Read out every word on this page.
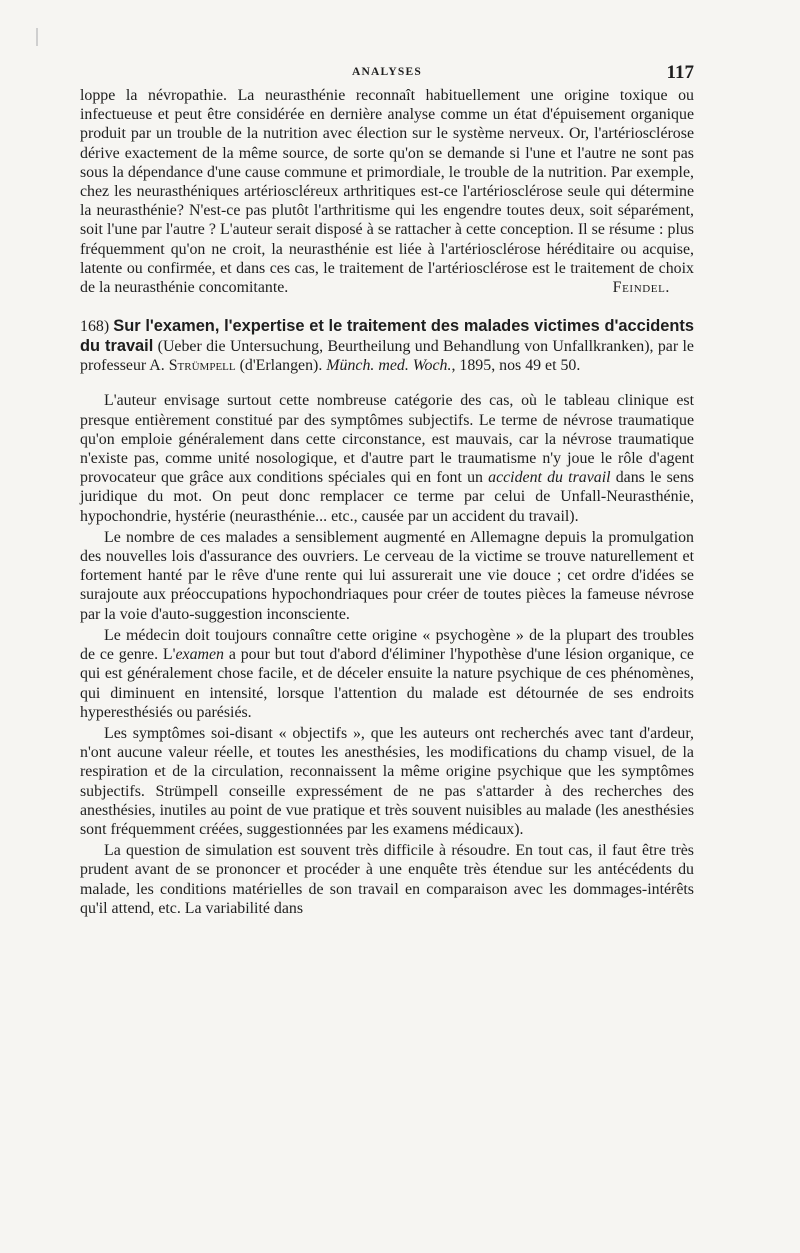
ANALYSES	117

loppe la névropathie. La neurasthénie reconnaît habituellement une origine toxique ou infectueuse et peut être considérée en dernière analyse comme un état d'épuisement organique produit par un trouble de la nutrition avec élection sur le système nerveux. Or, l'artériosclérose dérive exactement de la même source, de sorte qu'on se demande si l'une et l'autre ne sont pas sous la dépendance d'une cause commune et primordiale, le trouble de la nutrition. Par exemple, chez les neurasthéniques artérioscléreux arthritiques est-ce l'artériosclérose seule qui détermine la neurasthénie? N'est-ce pas plutôt l'arthritisme qui les engendre toutes deux, soit séparément, soit l'une par l'autre ? L'auteur serait disposé à se rattacher à cette conception. Il se résume : plus fréquemment qu'on ne croit, la neurasthénie est liée à l'artériosclérose héréditaire ou acquise, latente ou confirmée, et dans ces cas, le traitement de l'artériosclérose est le traitement de choix de la neurasthénie concomitante.	Feindel.

168) Sur l'examen, l'expertise et le traitement des malades victimes d'accidents du travail (Ueber die Untersuchung, Beurtheilung und Behandlung von Unfallkranken), par le professeur A. Strümpell (d'Erlangen). Münch. med. Woch., 1895, nos 49 et 50.

L'auteur envisage surtout cette nombreuse catégorie des cas, où le tableau clinique est presque entièrement constitué par des symptômes subjectifs. Le terme de névrose traumatique qu'on emploie généralement dans cette circonstance, est mauvais, car la névrose traumatique n'existe pas, comme unité nosologique, et d'autre part le traumatisme n'y joue le rôle d'agent provocateur que grâce aux conditions spéciales qui en font un accident du travail dans le sens juridique du mot. On peut donc remplacer ce terme par celui de Unfall-Neurasthénie, hypochondrie, hystérie (neurasthénie... etc., causée par un accident du travail).

Le nombre de ces malades a sensiblement augmenté en Allemagne depuis la promulgation des nouvelles lois d'assurance des ouvriers. Le cerveau de la victime se trouve naturellement et fortement hanté par le rêve d'une rente qui lui assurerait une vie douce ; cet ordre d'idées se surajoute aux préoccupations hypochondriaques pour créer de toutes pièces la fameuse névrose par la voie d'auto-suggestion inconsciente.

Le médecin doit toujours connaître cette origine « psychogène » de la plupart des troubles de ce genre. L'examen a pour but tout d'abord d'éliminer l'hypothèse d'une lésion organique, ce qui est généralement chose facile, et de déceler ensuite la nature psychique de ces phénomènes, qui diminuent en intensité, lorsque l'attention du malade est détournée de ses endroits hyperesthésiés ou parésiés.

Les symptômes soi-disant « objectifs », que les auteurs ont recherchés avec tant d'ardeur, n'ont aucune valeur réelle, et toutes les anesthésies, les modifications du champ visuel, de la respiration et de la circulation, reconnaissent la même origine psychique que les symptômes subjectifs. Strümpell conseille expressément de ne pas s'attarder à des recherches des anesthésies, inutiles au point de vue pratique et très souvent nuisibles au malade (les anesthésies sont fréquemment créées, suggestionnées par les examens médicaux).

La question de simulation est souvent très difficile à résoudre. En tout cas, il faut être très prudent avant de se prononcer et procéder à une enquête très étendue sur les antécédents du malade, les conditions matérielles de son travail en comparaison avec les dommages-intérêts qu'il attend, etc. La variabilité dans
